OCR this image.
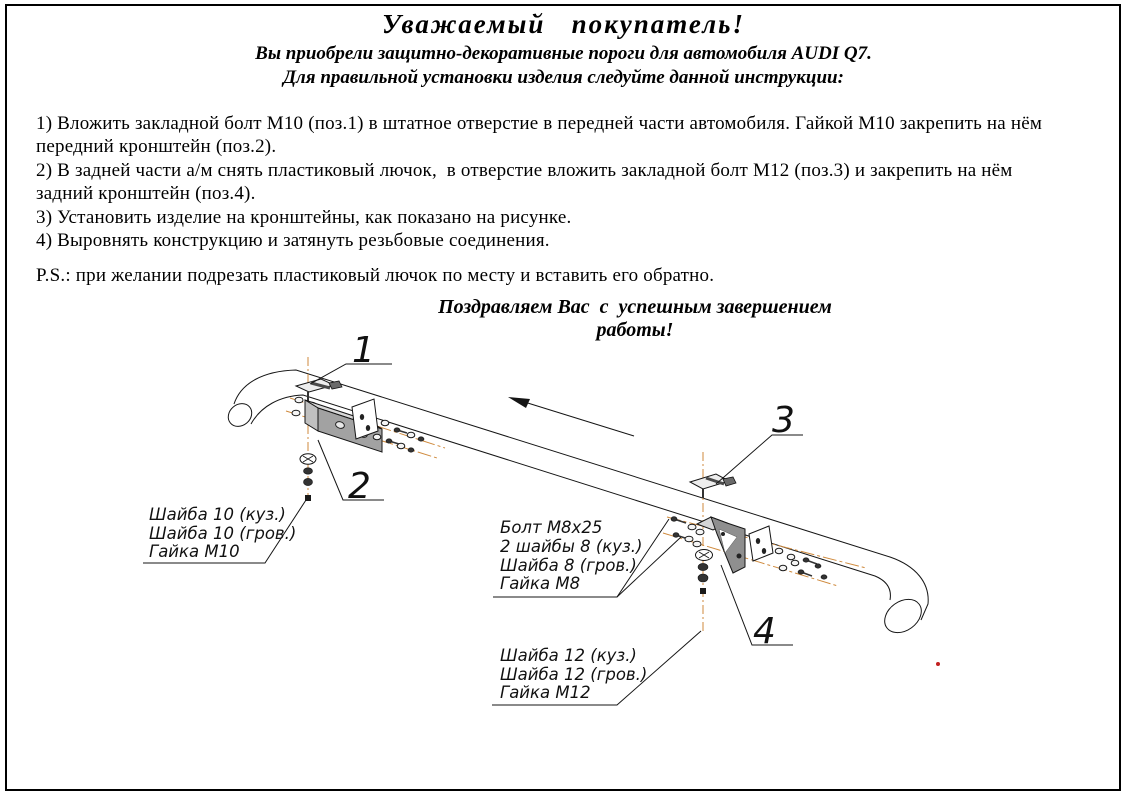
Уважаемый   покупатель!
Вы приобрели защитно-декоративные пороги для автомобиля AUDI Q7.
Для правильной установки изделия следуйте данной инструкции:
1) Вложить закладной болт М10 (поз.1) в штатное отверстие в передней части автомобиля. Гайкой М10 закрепить на нём
передний кронштейн (поз.2).
2) В задней части а/м снять пластиковый лючок,  в отверстие вложить закладной болт М12 (поз.3) и закрепить на нём
задний кронштейн (поз.4).
3) Установить изделие на кронштейны, как показано на рисунке.
4) Выровнять конструкцию и затянуть резьбовые соединения.
P.S.: при желании подрезать пластиковый лючок по месту и вставить его обратно.
Поздравляем Вас  с  успешным завершением
работы!
1
2
3
4
Шайба 10 (куз.)
Шайба 10 (гров.)
Гайка М10
Болт М8х25
2 шайбы 8 (куз.)
Шайба 8 (гров.)
Гайка М8
Шайба 12 (куз.)
Шайба 12 (гров.)
Гайка М12
